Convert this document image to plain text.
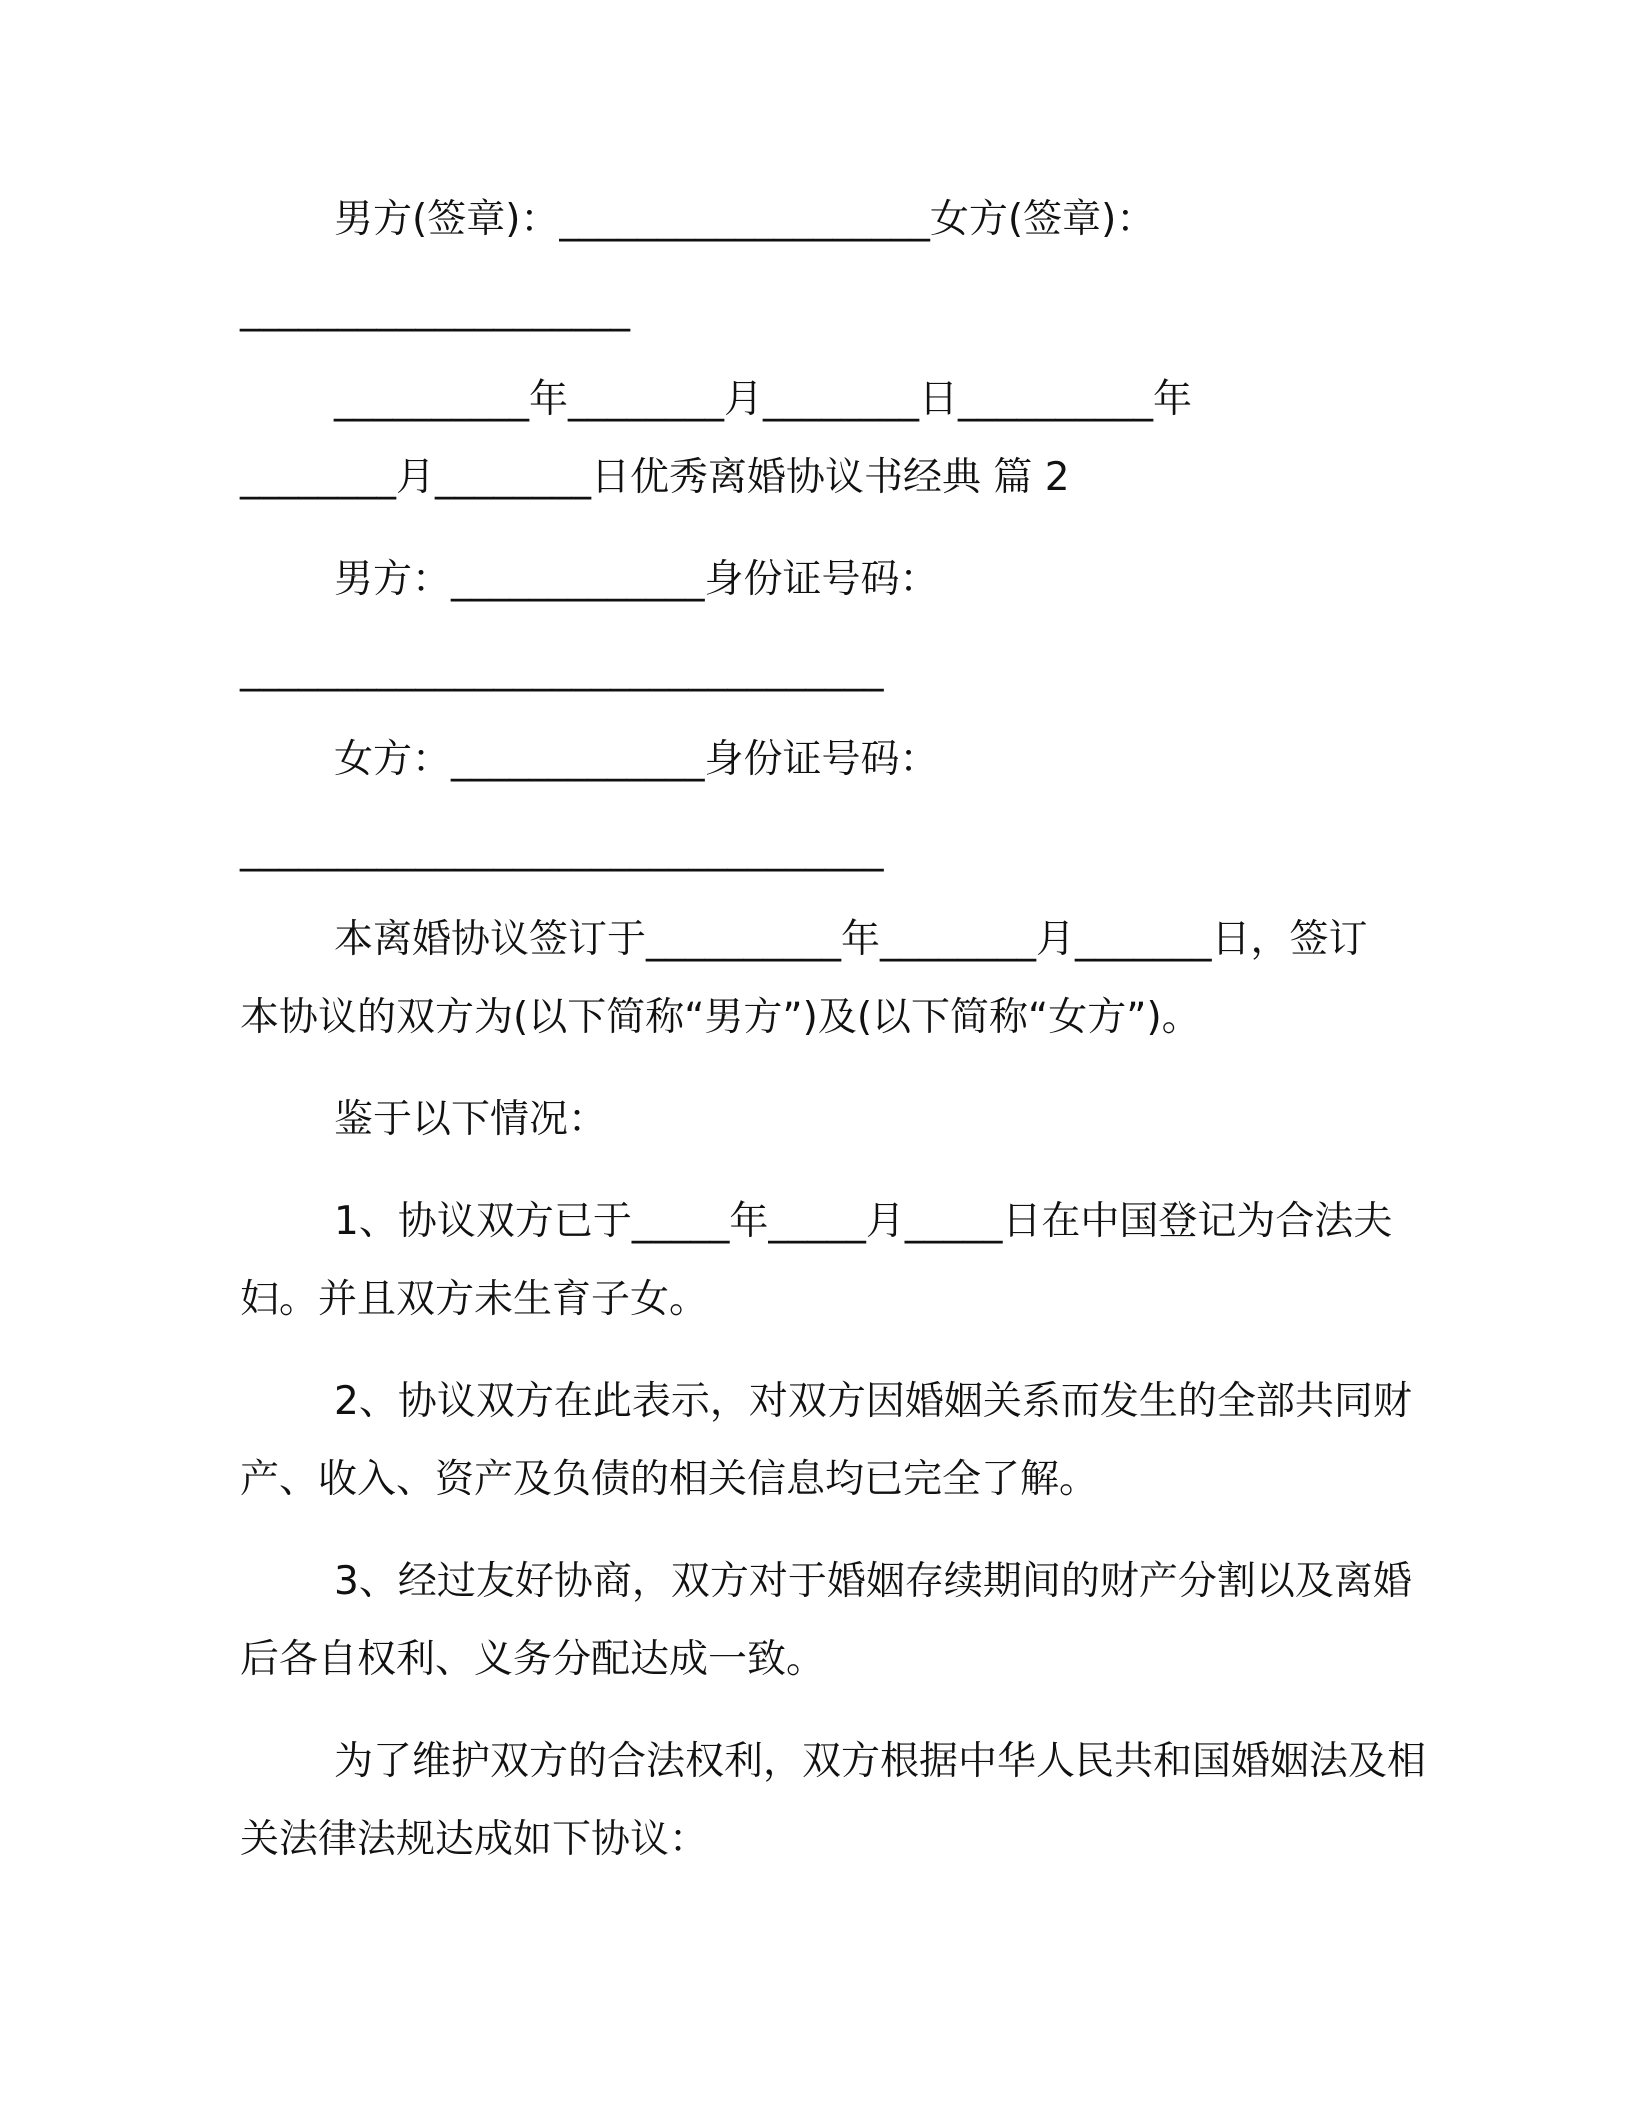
男方(签章)：___________________女方(签章)：
____________________
__________年________月________日__________年
________月________日优秀离婚协议书经典 篇 2
男方：_____________身份证号码：
_________________________________
女方：_____________身份证号码：
_________________________________
本离婚协议签订于__________年________月_______日，签订
本协议的双方为(以下简称“男方”)及(以下简称“女方”)。
鉴于以下情况：
1、协议双方已于_____年_____月_____日在中国登记为合法夫
妇。并且双方未生育子女。
2、协议双方在此表示，对双方因婚姻关系而发生的全部共同财
产、收入、资产及负债的相关信息均已完全了解。
3、经过友好协商，双方对于婚姻存续期间的财产分割以及离婚
后各自权利、义务分配达成一致。
为了维护双方的合法权利，双方根据中华人民共和国婚姻法及相
关法律法规达成如下协议：
